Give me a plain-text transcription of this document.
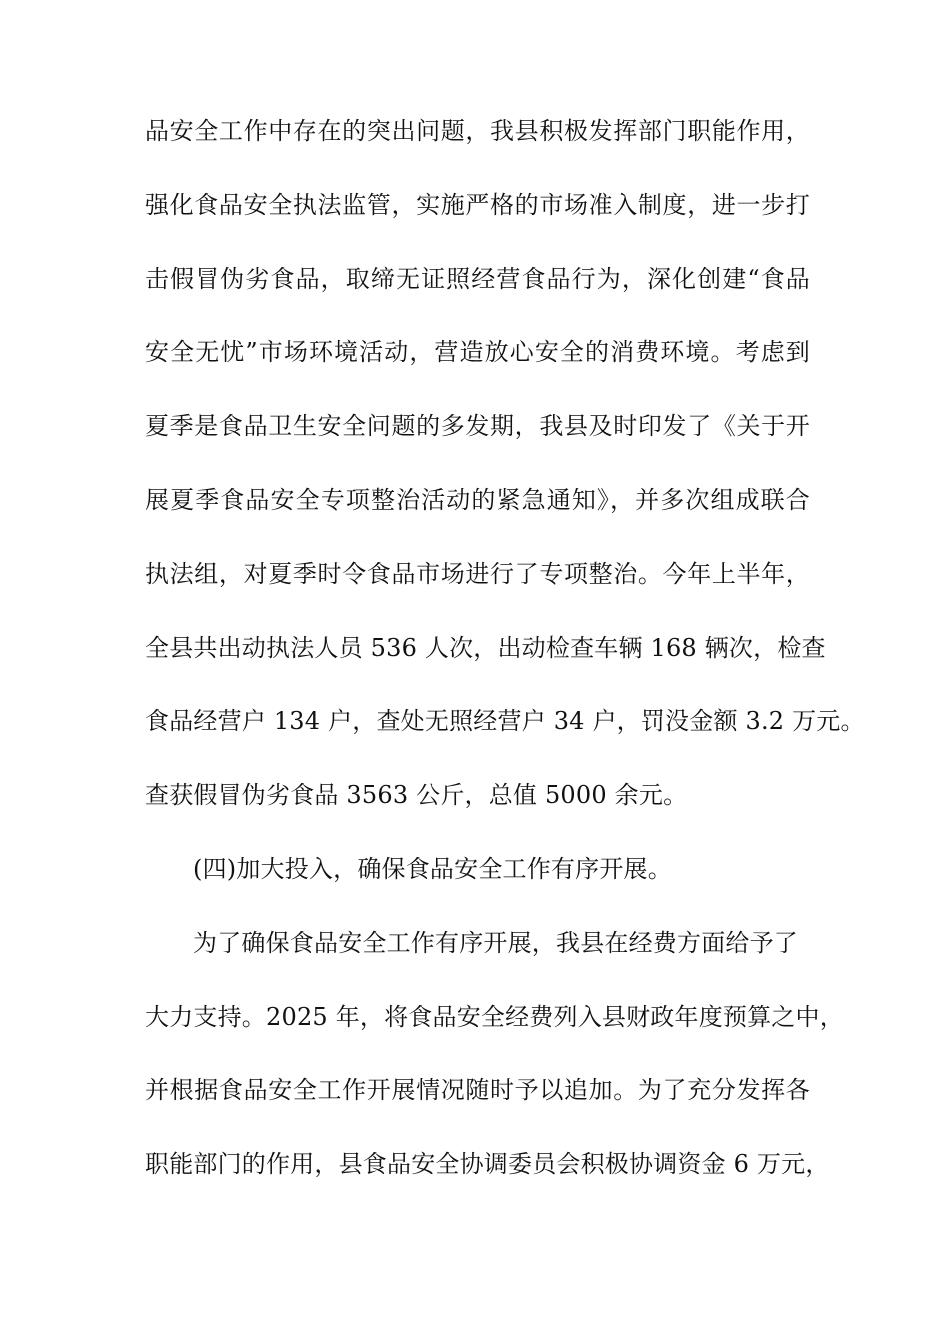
品安全工作中存在的突出问题，我县积极发挥部门职能作用，
强化食品安全执法监管，实施严格的市场准入制度，进一步打
击假冒伪劣食品，取缔无证照经营食品行为，深化创建“食品
安全无忧”市场环境活动，营造放心安全的消费环境。考虑到
夏季是食品卫生安全问题的多发期，我县及时印发了《关于开
展夏季食品安全专项整治活动的紧急通知》，并多次组成联合
执法组，对夏季时令食品市场进行了专项整治。今年上半年，
全县共出动执法人员 536 人次，出动检查车辆 168 辆次，检查
食品经营户 134 户，查处无照经营户 34 户，罚没金额 3.2 万元。
查获假冒伪劣食品 3563 公斤，总值 5000 余元。
(四)加大投入，确保食品安全工作有序开展。
为了确保食品安全工作有序开展，我县在经费方面给予了
大力支持。2025 年，将食品安全经费列入县财政年度预算之中，
并根据食品安全工作开展情况随时予以追加。为了充分发挥各
职能部门的作用，县食品安全协调委员会积极协调资金 6 万元，
